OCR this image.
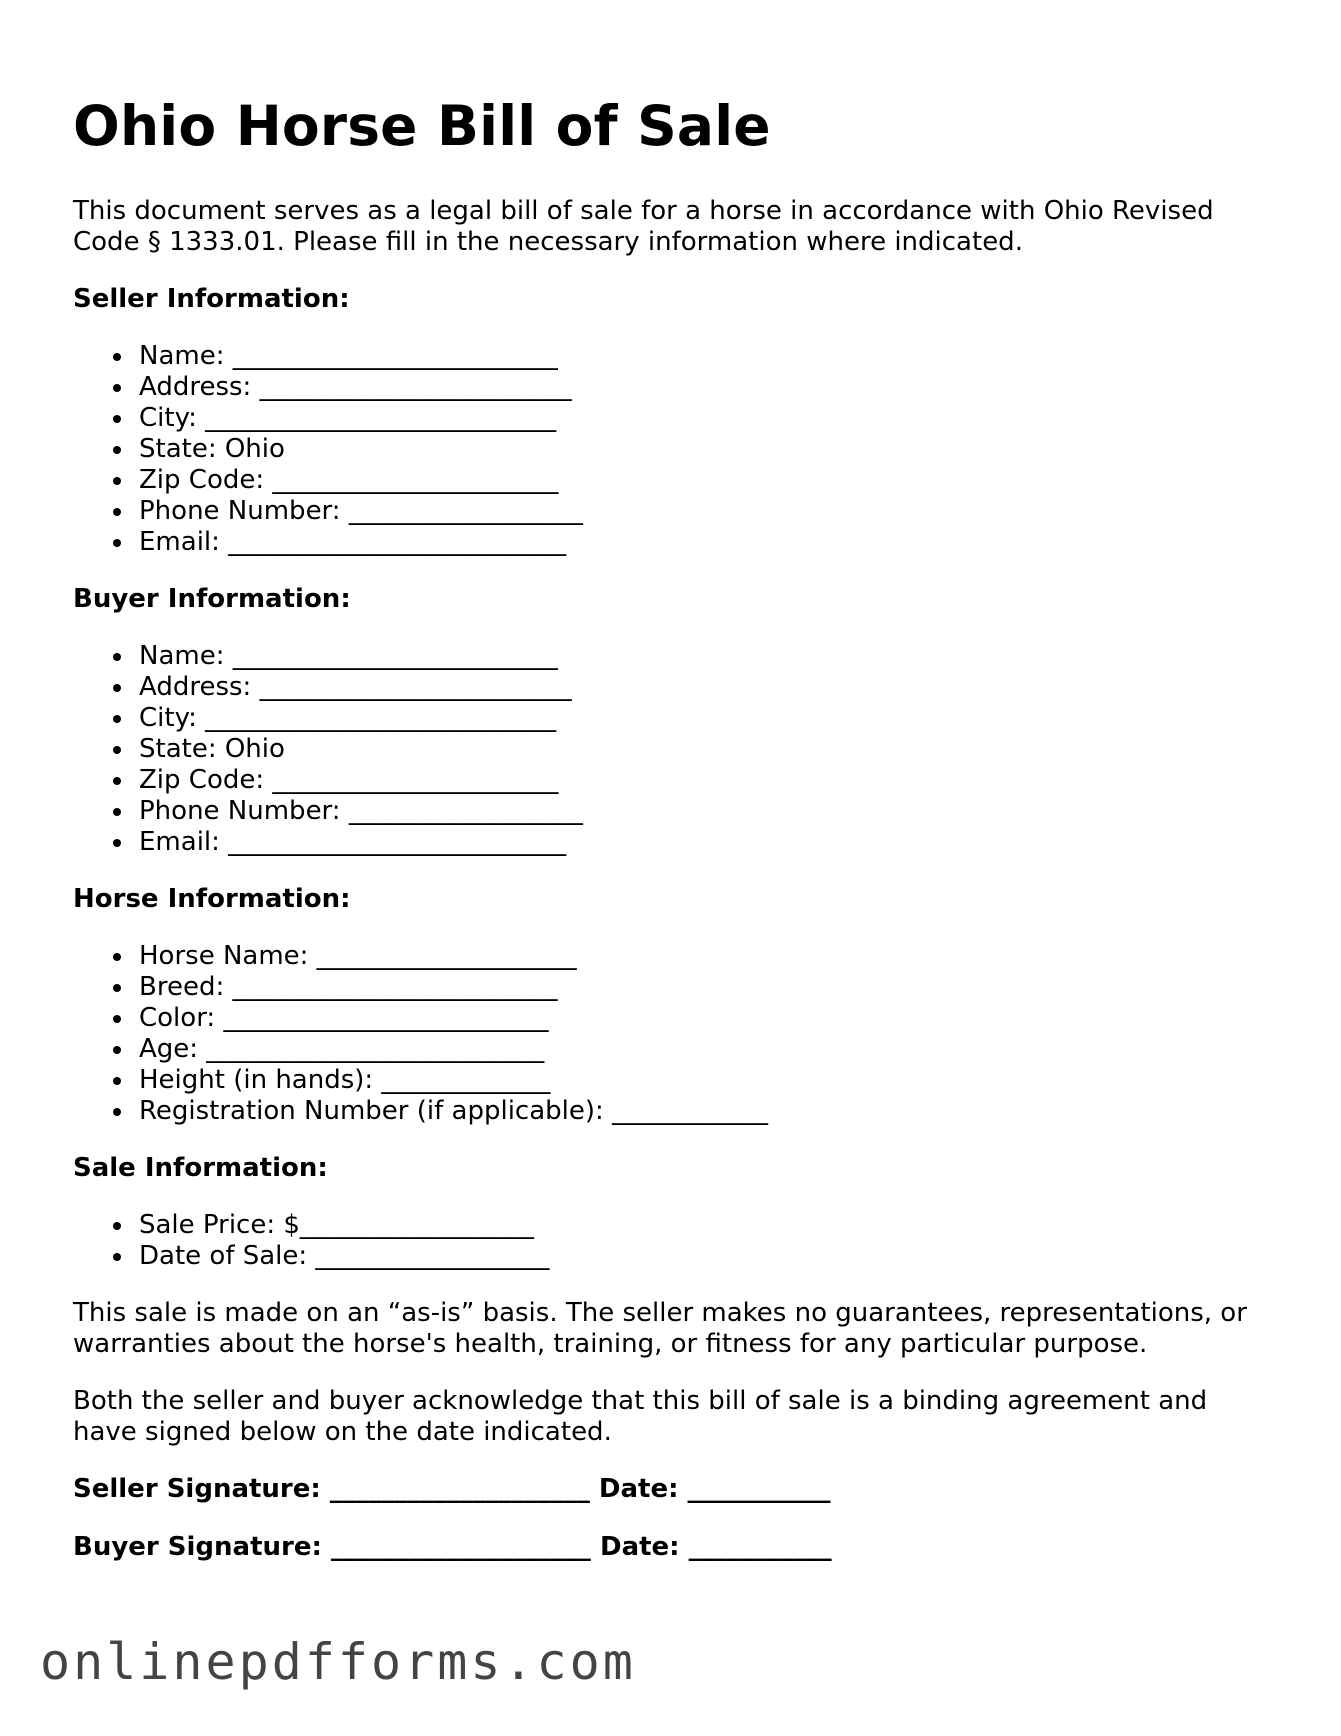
Ohio Horse Bill of Sale

This document serves as a legal bill of sale for a horse in accordance with Ohio Revised Code § 1333.01. Please fill in the necessary information where indicated.

Seller Information:
Name: _________________________
Address: ________________________
City: ___________________________
State: Ohio
Zip Code: ______________________
Phone Number: __________________
Email: __________________________
Buyer Information:
Name: _________________________
Address: ________________________
City: ___________________________
State: Ohio
Zip Code: ______________________
Phone Number: __________________
Email: __________________________
Horse Information:
Horse Name: ____________________
Breed: _________________________
Color: _________________________
Age: __________________________
Height (in hands): _____________
Registration Number (if applicable): ____________
Sale Information:
Sale Price: $__________________
Date of Sale: __________________

This sale is made on an “as-is” basis. The seller makes no guarantees, representations, or warranties about the horse's health, training, or fitness for any particular purpose.

Both the seller and buyer acknowledge that this bill of sale is a binding agreement and have signed below on the date indicated.

Seller Signature: ____________________ Date: ___________
Buyer Signature: ____________________ Date: ___________
onlinepdfforms.com
